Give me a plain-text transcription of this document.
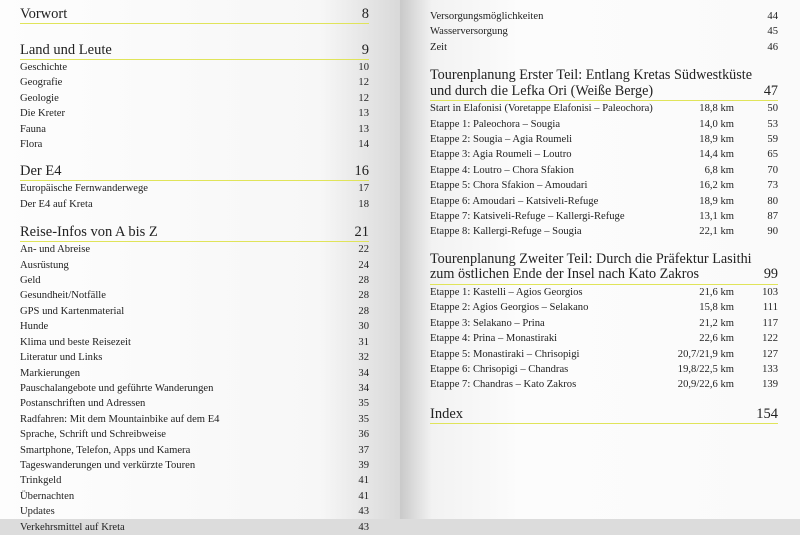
Vorwort	8
Land und Leute	9
Geschichte	10
Geografie	12
Geologie	12
Die Kreter	13
Fauna	13
Flora	14
Der E4	16
Europäische Fernwanderwege	17
Der E4 auf Kreta	18
Reise-Infos von A bis Z	21
An- und Abreise	22
Ausrüstung	24
Geld	28
Gesundheit/Notfälle	28
GPS und Kartenmaterial	28
Hunde	30
Klima und beste Reisezeit	31
Literatur und Links	32
Markierungen	34
Pauschalangebote und geführte Wanderungen	34
Postanschriften und Adressen	35
Radfahren: Mit dem Mountainbike auf dem E4	35
Sprache, Schrift und Schreibweise	36
Smartphone, Telefon, Apps und Kamera	37
Tageswanderungen und verkürzte Touren	39
Trinkgeld	41
Übernachten	41
Updates	43
Verkehrsmittel auf Kreta	43
Versorgungsmöglichkeiten	44
Wasserversorgung	45
Zeit	46
Tourenplanung Erster Teil: Entlang Kretas Südwestküste
und durch die Lefka Ori (Weiße Berge)	47
Start in Elafonisi (Voretappe Elafonisi – Paleochora)	18,8 km	50
Etappe 1: Paleochora – Sougia	14,0 km	53
Etappe 2: Sougia – Agia Roumeli	18,9 km	59
Etappe 3: Agia Roumeli – Loutro	14,4 km	65
Etappe 4: Loutro – Chora Sfakion	6,8 km	70
Etappe 5: Chora Sfakion – Amoudari	16,2 km	73
Etappe 6: Amoudari – Katsiveli-Refuge	18,9 km	80
Etappe 7: Katsiveli-Refuge – Kallergi-Refuge	13,1 km	87
Etappe 8: Kallergi-Refuge – Sougia	22,1 km	90
Tourenplanung Zweiter Teil: Durch die Präfektur Lasithi
zum östlichen Ende der Insel nach Kato Zakros	99
Etappe 1: Kastelli – Agios Georgios	21,6 km	103
Etappe 2: Agios Georgios – Selakano	15,8 km	111
Etappe 3: Selakano – Prina	21,2 km	117
Etappe 4: Prina – Monastiraki	22,6 km	122
Etappe 5: Monastiraki – Chrisopigi	20,7/21,9 km	127
Etappe 6: Chrisopigi – Chandras	19,8/22,5 km	133
Etappe 7: Chandras – Kato Zakros	20,9/22,6 km	139
Index	154
